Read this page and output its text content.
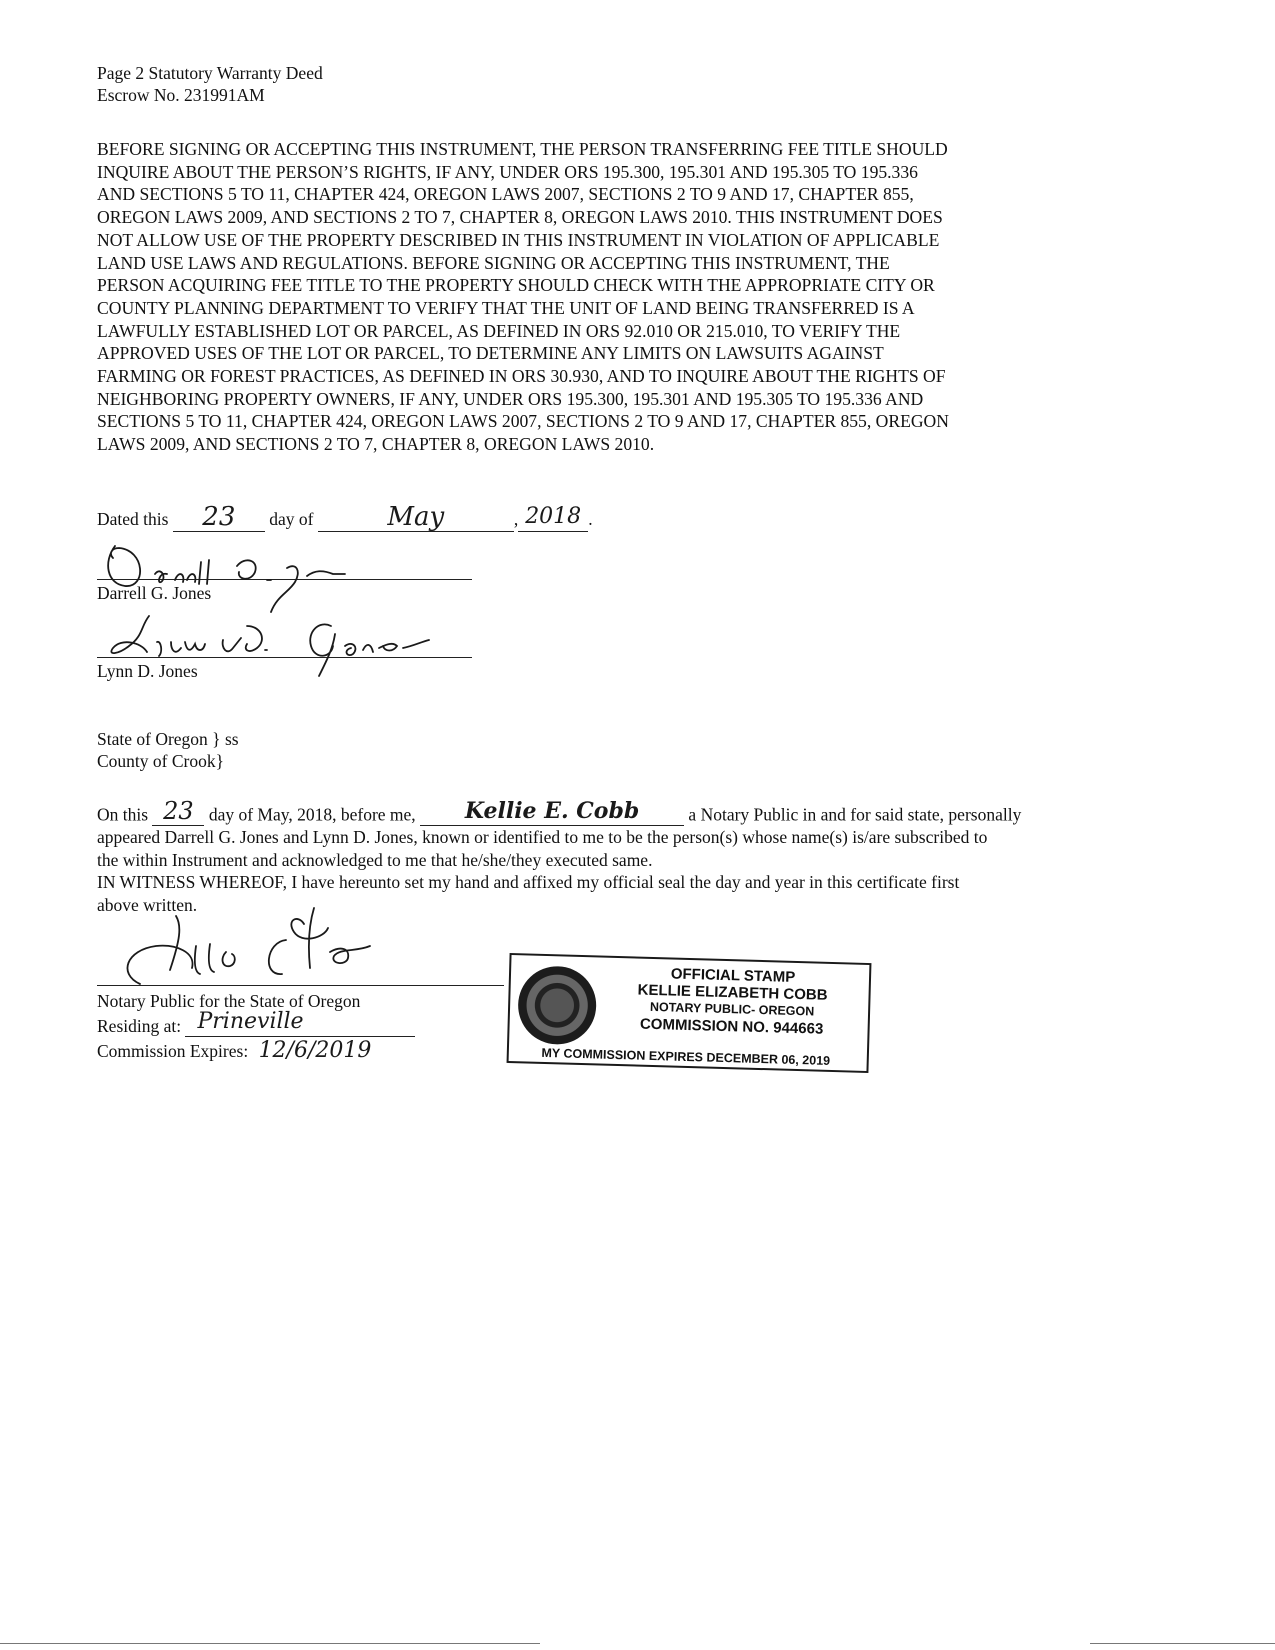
Page 2 Statutory Warranty Deed
Escrow No. 231991AM
BEFORE SIGNING OR ACCEPTING THIS INSTRUMENT, THE PERSON TRANSFERRING FEE TITLE SHOULD
INQUIRE ABOUT THE PERSON’S RIGHTS, IF ANY, UNDER ORS 195.300, 195.301 AND 195.305 TO 195.336
AND SECTIONS 5 TO 11, CHAPTER 424, OREGON LAWS 2007, SECTIONS 2 TO 9 AND 17, CHAPTER 855,
OREGON LAWS 2009, AND SECTIONS 2 TO 7, CHAPTER 8, OREGON LAWS 2010. THIS INSTRUMENT DOES
NOT ALLOW USE OF THE PROPERTY DESCRIBED IN THIS INSTRUMENT IN VIOLATION OF APPLICABLE
LAND USE LAWS AND REGULATIONS. BEFORE SIGNING OR ACCEPTING THIS INSTRUMENT, THE
PERSON ACQUIRING FEE TITLE TO THE PROPERTY SHOULD CHECK WITH THE APPROPRIATE CITY OR
COUNTY PLANNING DEPARTMENT TO VERIFY THAT THE UNIT OF LAND BEING TRANSFERRED IS A
LAWFULLY ESTABLISHED LOT OR PARCEL, AS DEFINED IN ORS 92.010 OR 215.010, TO VERIFY THE
APPROVED USES OF THE LOT OR PARCEL, TO DETERMINE ANY LIMITS ON LAWSUITS AGAINST
FARMING OR FOREST PRACTICES, AS DEFINED IN ORS 30.930, AND TO INQUIRE ABOUT THE RIGHTS OF
NEIGHBORING PROPERTY OWNERS, IF ANY, UNDER ORS 195.300, 195.301 AND 195.305 TO 195.336 AND
SECTIONS 5 TO 11, CHAPTER 424, OREGON LAWS 2007, SECTIONS 2 TO 9 AND 17, CHAPTER 855, OREGON
LAWS 2009, AND SECTIONS 2 TO 7, CHAPTER 8, OREGON LAWS 2010.
Dated this	23	day of	May	, 2018 .
Darrell G. Jones
Lynn D. Jones
State of Oregon } ss
County of Crook}
On this 23 day of May, 2018, before me,	Kellie E. Cobb	a Notary Public in and for said state, personally
appeared Darrell G. Jones and Lynn D. Jones, known or identified to me to be the person(s) whose name(s) is/are subscribed to
the within Instrument and acknowledged to me that he/she/they executed same.
IN WITNESS WHEREOF, I have hereunto set my hand and affixed my official seal the day and year in this certificate first
above written.
Notary Public for the State of Oregon
Residing at: Prineville
Commission Expires: 12/6/2019
OFFICIAL STAMP
KELLIE ELIZABETH COBB
NOTARY PUBLIC- OREGON
COMMISSION NO. 944663
MY COMMISSION EXPIRES DECEMBER 06, 2019
